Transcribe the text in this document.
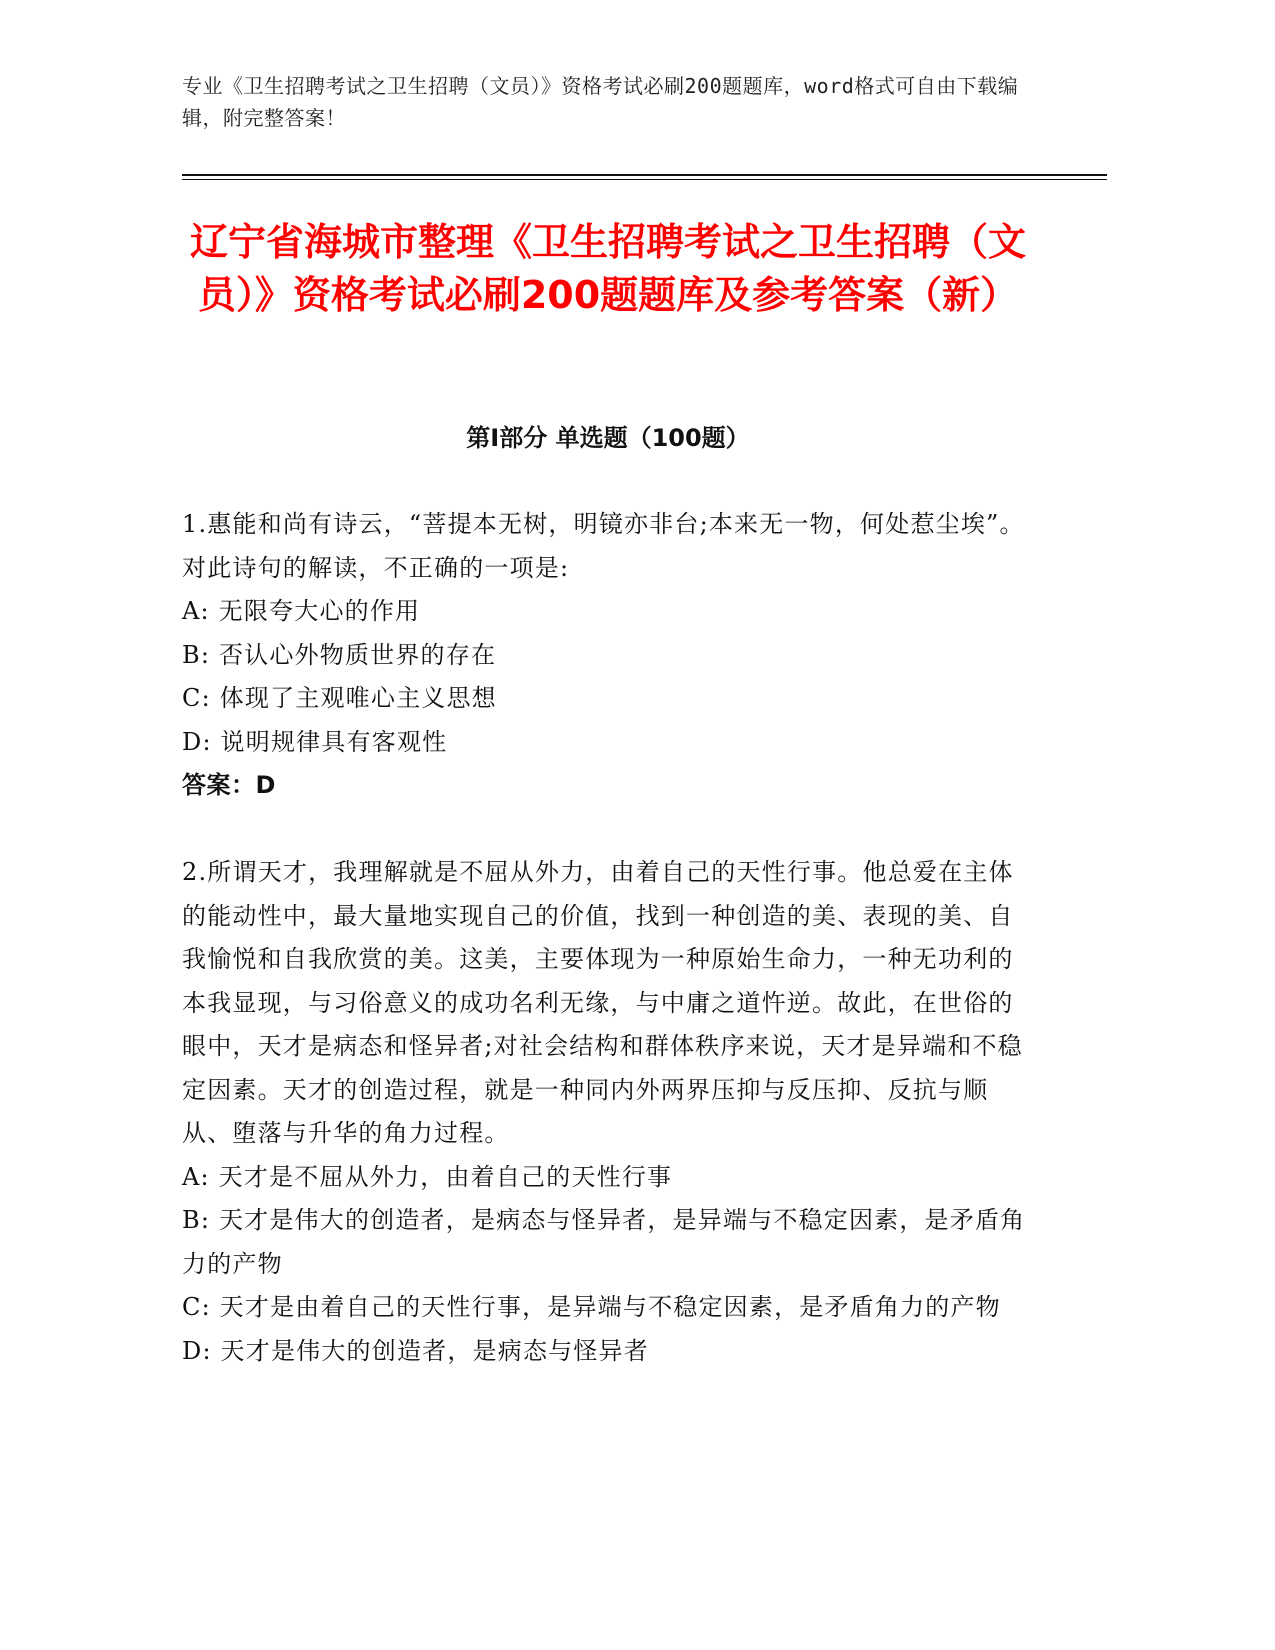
专业《卫生招聘考试之卫生招聘（文员）》资格考试必刷200题题库，word格式可自由下载编辑，附完整答案！
辽宁省海城市整理《卫生招聘考试之卫生招聘（文员）》资格考试必刷200题题库及参考答案（新）
第Ⅰ部分 单选题（100题）

1.惠能和尚有诗云，“菩提本无树，明镜亦非台;本来无一物，何处惹尘埃”。对此诗句的解读，不正确的一项是:

A: 无限夸大心的作用

B: 否认心外物质世界的存在

C: 体现了主观唯心主义思想

D: 说明规律具有客观性

答案：D

2.所谓天才，我理解就是不屈从外力，由着自己的天性行事。他总爱在主体的能动性中，最大量地实现自己的价值，找到一种创造的美、表现的美、自我愉悦和自我欣赏的美。这美，主要体现为一种原始生命力，一种无功利的本我显现，与习俗意义的成功名利无缘，与中庸之道忤逆。故此，在世俗的眼中，天才是病态和怪异者;对社会结构和群体秩序来说，天才是异端和不稳定因素。天才的创造过程，就是一种同内外两界压抑与反压抑、反抗与顺从、堕落与升华的角力过程。

A: 天才是不屈从外力，由着自己的天性行事

B: 天才是伟大的创造者，是病态与怪异者，是异端与不稳定因素，是矛盾角力的产物

C: 天才是由着自己的天性行事，是异端与不稳定因素，是矛盾角力的产物

D: 天才是伟大的创造者，是病态与怪异者
